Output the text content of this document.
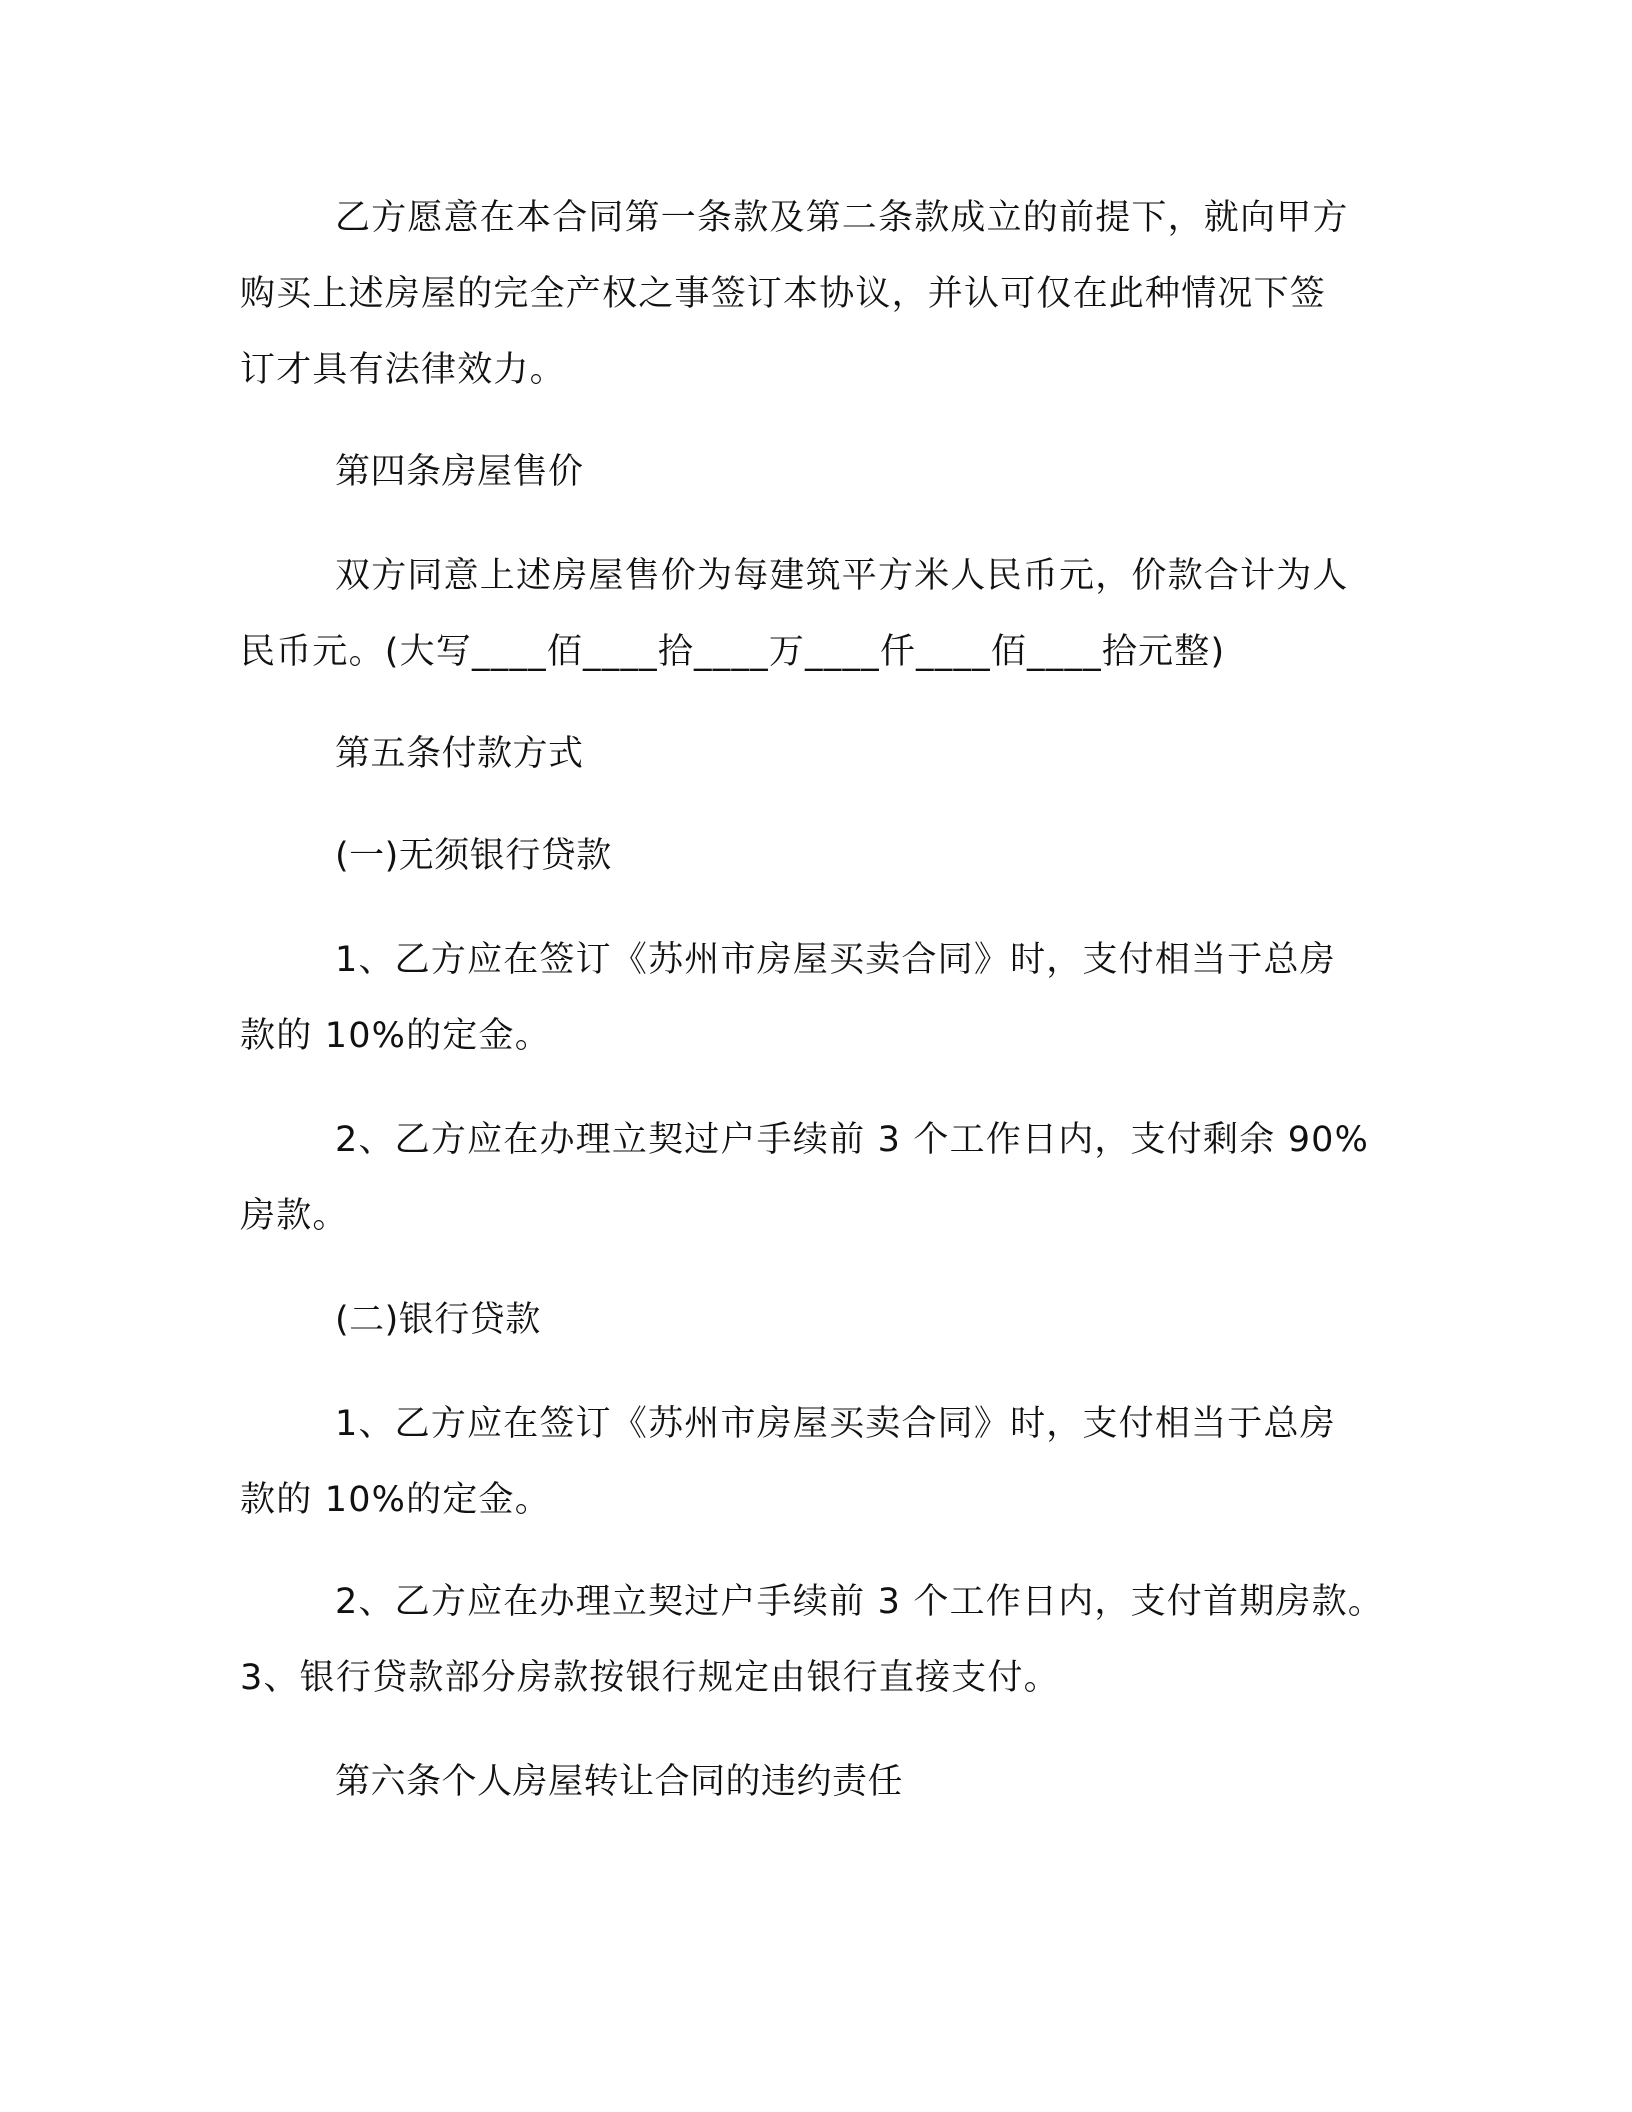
乙方愿意在本合同第一条款及第二条款成立的前提下，就向甲方
购买上述房屋的完全产权之事签订本协议，并认可仅在此种情况下签
订才具有法律效力。
第四条房屋售价
双方同意上述房屋售价为每建筑平方米人民币元，价款合计为人
民币元。(大写____佰____拾____万____仟____佰____拾元整)
第五条付款方式
(一)无须银行贷款
1、乙方应在签订《苏州市房屋买卖合同》时，支付相当于总房
款的 10%的定金。
2、乙方应在办理立契过户手续前 3 个工作日内，支付剩余 90%
房款。
(二)银行贷款
1、乙方应在签订《苏州市房屋买卖合同》时，支付相当于总房
款的 10%的定金。
2、乙方应在办理立契过户手续前 3 个工作日内，支付首期房款。
3、银行贷款部分房款按银行规定由银行直接支付。
第六条个人房屋转让合同的违约责任
